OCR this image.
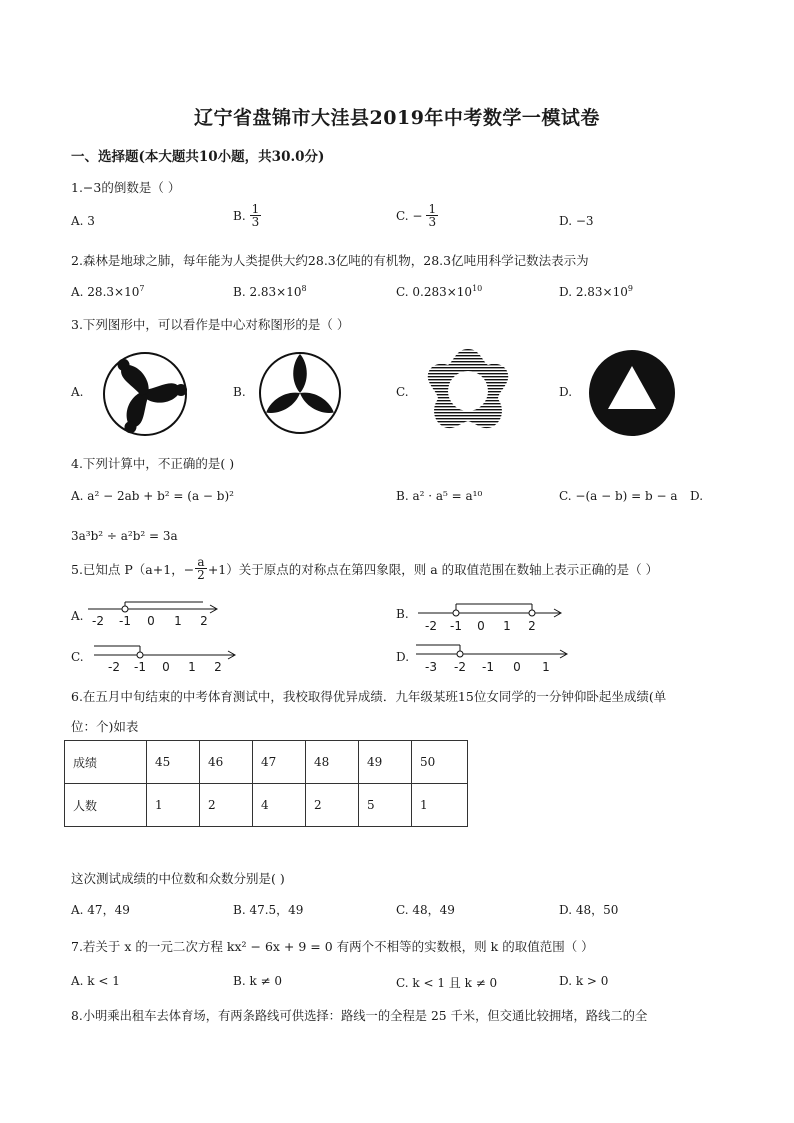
辽宁省盘锦市大洼县2019年中考数学一模试卷
一、选择题(本大题共10小题，共30.0分)
1.−3的倒数是（ ）
A. 3	B. $\frac{1}{3}$	C. − $\frac{1}{3}$	D. −3
2.森林是地球之肺，每年能为人类提供大约28.3亿吨的有机物，28.3亿吨用科学记数法表示为
A. $28.3\times 10^7$	B. $2.83\times 10^8$	C. $0.283\times 10^{10}$	D. $2.83\times 10^9$
3.下列图形中，可以看作是中心对称图形的是（ ）
A.	B.	C.	D.
4.下列计算中，不正确的是( )
A. a² − 2ab + b² = (a − b)²	B. a² · a⁵ = a¹⁰	C. −(a − b) = b − a D.
3a³b² ÷ a²b² = 3a
5.已知点 P（a+1，− $\frac{a}{2} +1$）关于原点的对称点在第四象限，则 a 的取值范围在数轴上表示正确的是（ ）
A.	B.
C.	D.
-2 -1 0 1 2	-2 -1 0 1 2
-2 -1 0 1 2	-3 -2 -1 0 1
6.在五月中旬结束的中考体育测试中，我校取得优异成绩．九年级某班15位女同学的一分钟仰卧起坐成绩(单
位：个)如表
成绩	45	46	47	48	49	50
人数	1	2	4	2	5	1
这次测试成绩的中位数和众数分别是( )
A. 47，49	B. 47.5，49	C. 48，49	D. 48，50
7.若关于 x 的一元二次方程 kx² − 6x + 9 = 0 有两个不相等的实数根，则 k 的取值范围（ ）
A. k < 1	B. k ≠ 0	C. k < 1 且 k ≠ 0	D. k > 0
8.小明乘出租车去体育场，有两条路线可供选择：路线一的全程是 25 千米，但交通比较拥堵，路线二的全
